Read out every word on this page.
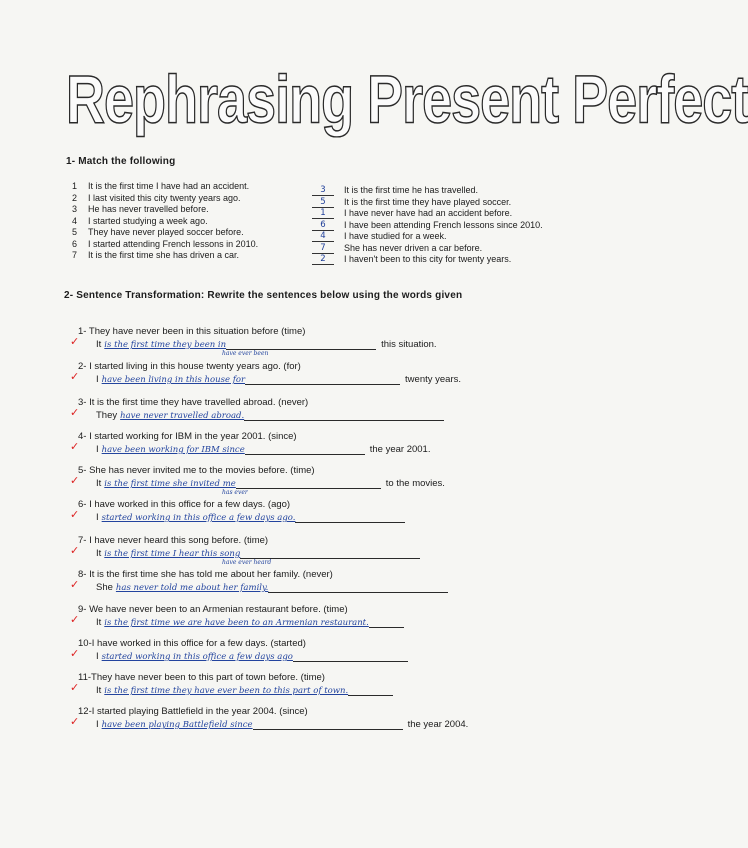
Rephrasing Present Perfect
1- Match the following
1 It is the first time I have had an accident.
2 I last visited this city twenty years ago.
3 He has never travelled before.
4 I started studying a week ago.
5 They have never played soccer before.
6 I started attending French lessons in 2010.
7 It is the first time she has driven a car.
3	It is the first time he has travelled.
5	It is the first time they have played soccer.
1	I have never have had an accident before.
6	I have been attending French lessons since 2010.
4	I have studied for a week.
7	She has never driven a car before.
2	I haven't been to this city for twenty years.
2- Sentence Transformation: Rewrite the sentences below using the words given
1- They have never been in this situation before (time)
It is the first time they been in	this situation.
have ever been
✓
2- I started living in this house twenty years ago. (for)
I have been living in this house for	twenty years.
✓
3- It is the first time they have travelled abroad. (never)
They have never travelled abroad.
✓
4- I started working for IBM in the year 2001. (since)
I have been working for IBM since	the year 2001.
✓
5- She has never invited me to the movies before. (time)
It is the first time she invited me	to the movies.
has ever
✓
6- I have worked in this office for a few days. (ago)
I started working in this office a few days ago.
✓
7- I have never heard this song before. (time)
It is the first time I hear this song
have ever heard
✓
8- It is the first time she has told me about her family. (never)
She has never told me about her family.
✓
9- We have never been to an Armenian restaurant before. (time)
It is the first time we are have been to an Armenian restaurant.
✓
10-I have worked in this office for a few days. (started)
I started working in this office a few days ago
✓
11-They have never been to this part of town before. (time)
It is the first time they have ever been to this part of town.
✓
12-I started playing Battlefield in the year 2004. (since)
I have been playing Battlefield since	the year 2004.
✓
